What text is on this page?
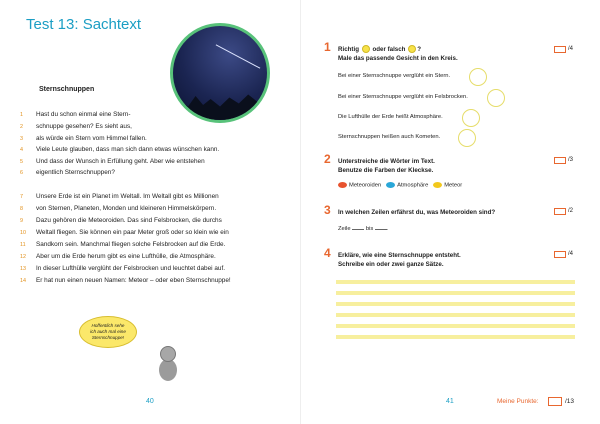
Test 13: Sachtext
Sternschnuppen
1 Hast du schon einmal eine Stern-
2 schnuppe gesehen? Es sieht aus,
3 als würde ein Stern vom Himmel fallen.
4 Viele Leute glauben, dass man sich dann etwas wünschen kann.
5 Und dass der Wunsch in Erfüllung geht. Aber wie entstehen
6 eigentlich Sternschnuppen?
7 Unsere Erde ist ein Planet im Weltall. Im Weltall gibt es Millionen
8 von Sternen, Planeten, Monden und kleineren Himmelskörpern.
9 Dazu gehören die Meteoroiden. Das sind Felsbrocken, die durchs
10 Weltall fliegen. Sie können ein paar Meter groß oder so klein wie ein
11 Sandkorn sein. Manchmal fliegen solche Felsbrocken auf die Erde.
12 Aber um die Erde herum gibt es eine Lufthülle, die Atmosphäre.
13 In dieser Lufthülle verglüht der Felsbrocken und leuchtet dabei auf.
14 Er hat nun einen neuen Namen: Meteor – oder eben Sternschnuppe!
Hoffentlich sehe
ich auch mal eine
Sternschnuppe!
40
1 Richtig oder falsch ?
Male das passende Gesicht in den Kreis.
/4
Bei einer Sternschnuppe verglüht ein Stern.
Bei einer Sternschnuppe verglüht ein Felsbrocken.
Die Lufthülle der Erde heißt Atmosphäre.
Sternschnuppen heißen auch Kometen.
2 Unterstreiche die Wörter im Text.
Benutze die Farben der Kleckse.
/3
Meteoroiden	Atmosphäre	Meteor
3 In welchen Zeilen erfährst du, was Meteoroiden sind?	/2
Zeile	bis .
4 Erkläre, wie eine Sternschnuppe entsteht.
Schreibe ein oder zwei ganze Sätze.
/4
41	Meine Punkte:	/13
